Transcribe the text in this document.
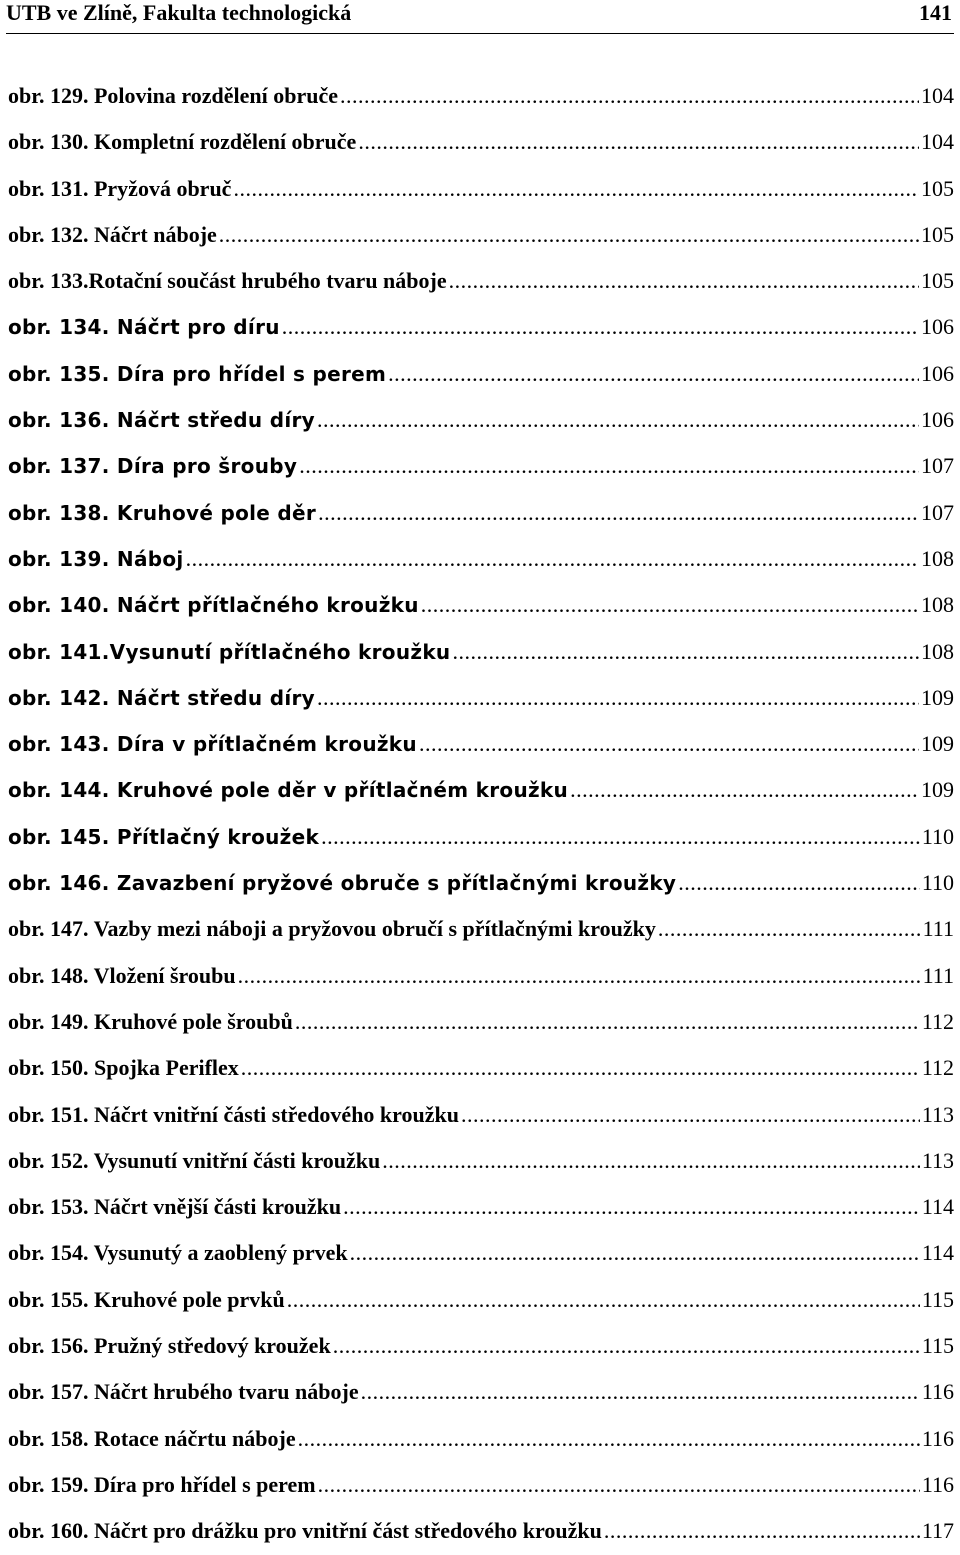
UTB ve Zlíně, Fakulta technologická	141
obr. 129. Polovina rozdělení obruče .....	104
obr. 130. Kompletní rozdělení obruče .....	104
obr. 131. Pryžová obruč .....	105
obr. 132. Náčrt náboje .....	105
obr. 133.Rotační součást hrubého tvaru náboje .....	105
obr. 134. Náčrt pro díru .....	106
obr. 135. Díra pro hřídel s perem .....	106
obr. 136. Náčrt středu díry .....	106
obr. 137. Díra pro šrouby .....	107
obr. 138. Kruhové pole děr .....	107
obr. 139. Náboj .....	108
obr. 140. Náčrt přítlačného kroužku .....	108
obr. 141.Vysunutí přítlačného kroužku .....	108
obr. 142. Náčrt středu díry .....	109
obr. 143. Díra v přítlačném kroužku .....	109
obr. 144. Kruhové pole děr v přítlačném kroužku .....	109
obr. 145. Přítlačný kroužek .....	110
obr. 146. Zavazbení pryžové obruče s přítlačnými kroužky .....	110
obr. 147. Vazby mezi náboji a pryžovou obručí s přítlačnými kroužky .....	111
obr. 148. Vložení šroubu .....	111
obr. 149. Kruhové pole šroubů .....	112
obr. 150. Spojka Periflex .....	112
obr. 151. Náčrt vnitřní části středového kroužku .....	113
obr. 152. Vysunutí vnitřní části kroužku .....	113
obr. 153. Náčrt vnější části kroužku .....	114
obr. 154. Vysunutý a zaoblený prvek .....	114
obr. 155. Kruhové pole prvků .....	115
obr. 156. Pružný středový kroužek .....	115
obr. 157. Náčrt hrubého tvaru náboje .....	116
obr. 158. Rotace náčrtu náboje .....	116
obr. 159. Díra pro hřídel s perem .....	116
obr. 160. Náčrt pro drážku pro vnitřní část středového kroužku .....	117
